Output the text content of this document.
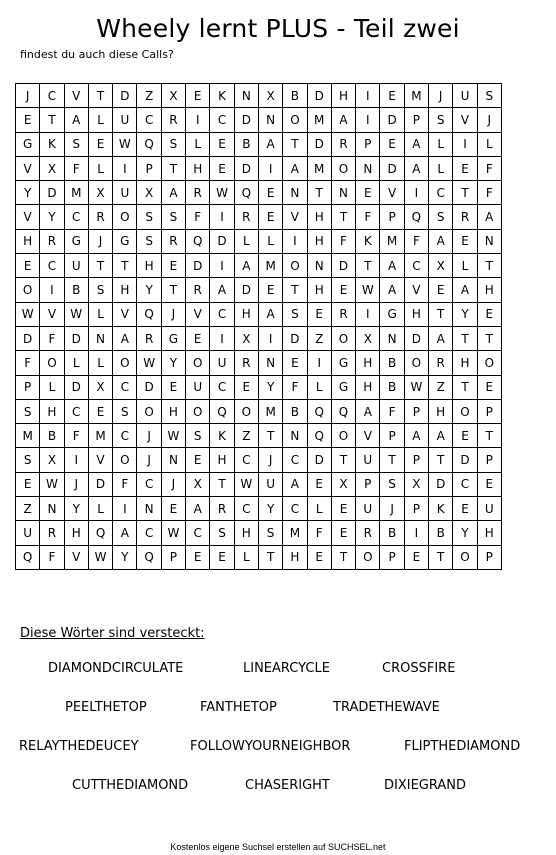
Wheely lernt PLUS - Teil zwei
findest du auch diese Calls?
J	C	V	T	D	Z	X	E	K	N	X	B	D	H	I	E	M	J	U	S
E	T	A	L	U	C	R	I	C	D	N	O	M	A	I	D	P	S	V	J
G	K	S	E	W	Q	S	L	E	B	A	T	D	R	P	E	A	L	I	L
V	X	F	L	I	P	T	H	E	D	I	A	M	O	N	D	A	L	E	F
Y	D	M	X	U	X	A	R	W	Q	E	N	T	N	E	V	I	C	T	F
V	Y	C	R	O	S	S	F	I	R	E	V	H	T	F	P	Q	S	R	A
H	R	G	J	G	S	R	Q	D	L	L	I	H	F	K	M	F	A	E	N
E	C	U	T	T	H	E	D	I	A	M	O	N	D	T	A	C	X	L	T
O	I	B	S	H	Y	T	R	A	D	E	T	H	E	W	A	V	E	A	H
W	V	W	L	V	Q	J	V	C	H	A	S	E	R	I	G	H	T	Y	E
D	F	D	N	A	R	G	E	I	X	I	D	Z	O	X	N	D	A	T	T
F	O	L	L	O	W	Y	O	U	R	N	E	I	G	H	B	O	R	H	O
P	L	D	X	C	D	E	U	C	E	Y	F	L	G	H	B	W	Z	T	E
S	H	C	E	S	O	H	O	Q	O	M	B	Q	Q	A	F	P	H	O	P
M	B	F	M	C	J	W	S	K	Z	T	N	Q	O	V	P	A	A	E	T
S	X	I	V	O	J	N	E	H	C	J	C	D	T	U	T	P	T	D	P
E	W	J	D	F	C	J	X	T	W	U	A	E	X	P	S	X	D	C	E
Z	N	Y	L	I	N	E	A	R	C	Y	C	L	E	U	J	P	K	E	U
U	R	H	Q	A	C	W	C	S	H	S	M	F	E	R	B	I	B	Y	H
Q	F	V	W	Y	Q	P	E	E	L	T	H	E	T	O	P	E	T	O	P
Diese Wörter sind versteckt:
DIAMONDCIRCULATE	LINEARCYCLE	CROSSFIRE
PEELTHETOP	FANTHETOP	TRADETHEWAVE
RELAYTHEDEUCEY	FOLLOWYOURNEIGHBOR	FLIPTHEDIAMOND
CUTTHEDIAMOND	CHASERIGHT	DIXIEGRAND
Kostenlos eigene Suchsel erstellen auf SUCHSEL.net
